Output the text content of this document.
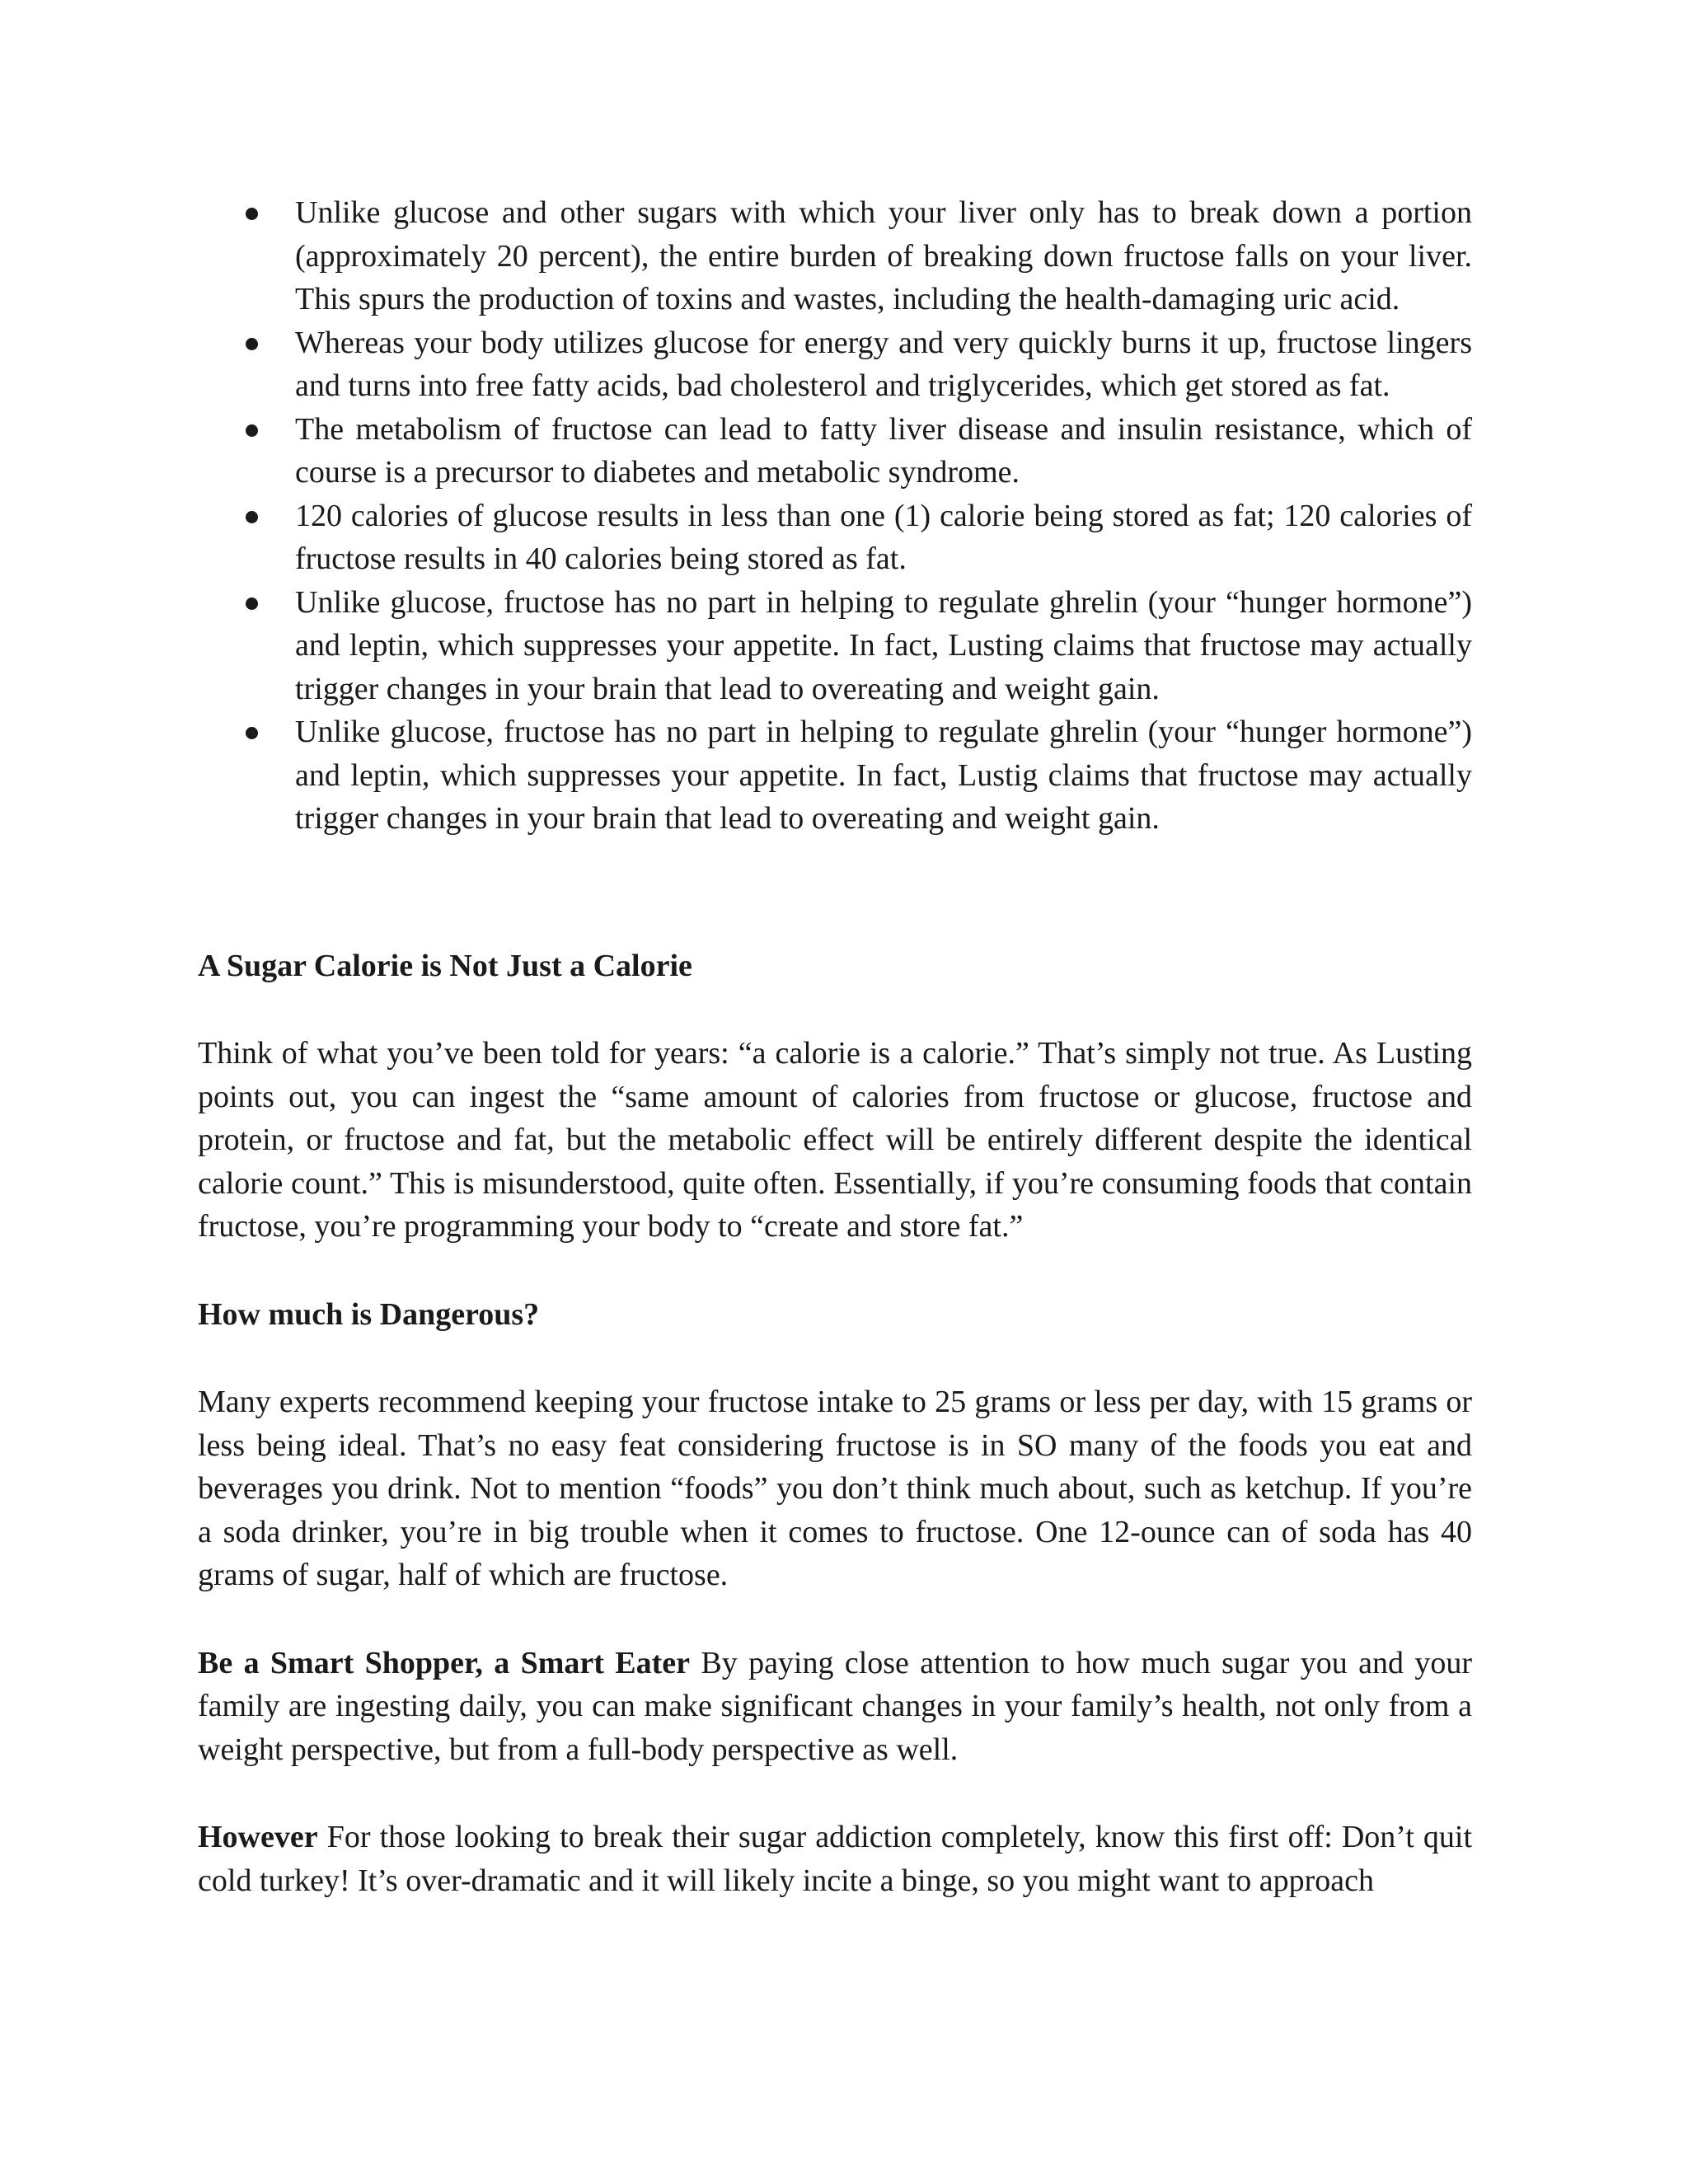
Unlike glucose and other sugars with which your liver only has to break down a portion (approximately 20 percent), the entire burden of breaking down fructose falls on your liver. This spurs the production of toxins and wastes, including the health-damaging uric acid.
Whereas your body utilizes glucose for energy and very quickly burns it up, fructose lingers and turns into free fatty acids, bad cholesterol and triglycerides, which get stored as fat.
The metabolism of fructose can lead to fatty liver disease and insulin resistance, which of course is a precursor to diabetes and metabolic syndrome.
120 calories of glucose results in less than one (1) calorie being stored as fat; 120 calories of fructose results in 40 calories being stored as fat.
Unlike glucose, fructose has no part in helping to regulate ghrelin (your “hunger hormone”) and leptin, which suppresses your appetite. In fact, Lusting claims that fructose may actually trigger changes in your brain that lead to overeating and weight gain.
Unlike glucose, fructose has no part in helping to regulate ghrelin (your “hunger hormone”) and leptin, which suppresses your appetite. In fact, Lustig claims that fructose may actually trigger changes in your brain that lead to overeating and weight gain.

A Sugar Calorie is Not Just a Calorie

Think of what you’ve been told for years: “a calorie is a calorie.” That’s simply not true. As Lusting points out, you can ingest the “same amount of calories from fructose or glucose, fructose and protein, or fructose and fat, but the metabolic effect will be entirely different despite the identical calorie count.” This is misunderstood, quite often. Essentially, if you’re consuming foods that contain fructose, you’re programming your body to “create and store fat.”

How much is Dangerous?

Many experts recommend keeping your fructose intake to 25 grams or less per day, with 15 grams or less being ideal. That’s no easy feat considering fructose is in SO many of the foods you eat and beverages you drink. Not to mention “foods” you don’t think much about, such as ketchup. If you’re a soda drinker, you’re in big trouble when it comes to fructose. One 12-ounce can of soda has 40 grams of sugar, half of which are fructose.

Be a Smart Shopper, a Smart Eater By paying close attention to how much sugar you and your family are ingesting daily, you can make significant changes in your family’s health, not only from a weight perspective, but from a full-body perspective as well.

However For those looking to break their sugar addiction completely, know this first off: Don’t quit cold turkey! It’s over-dramatic and it will likely incite a binge, so you might want to approach
